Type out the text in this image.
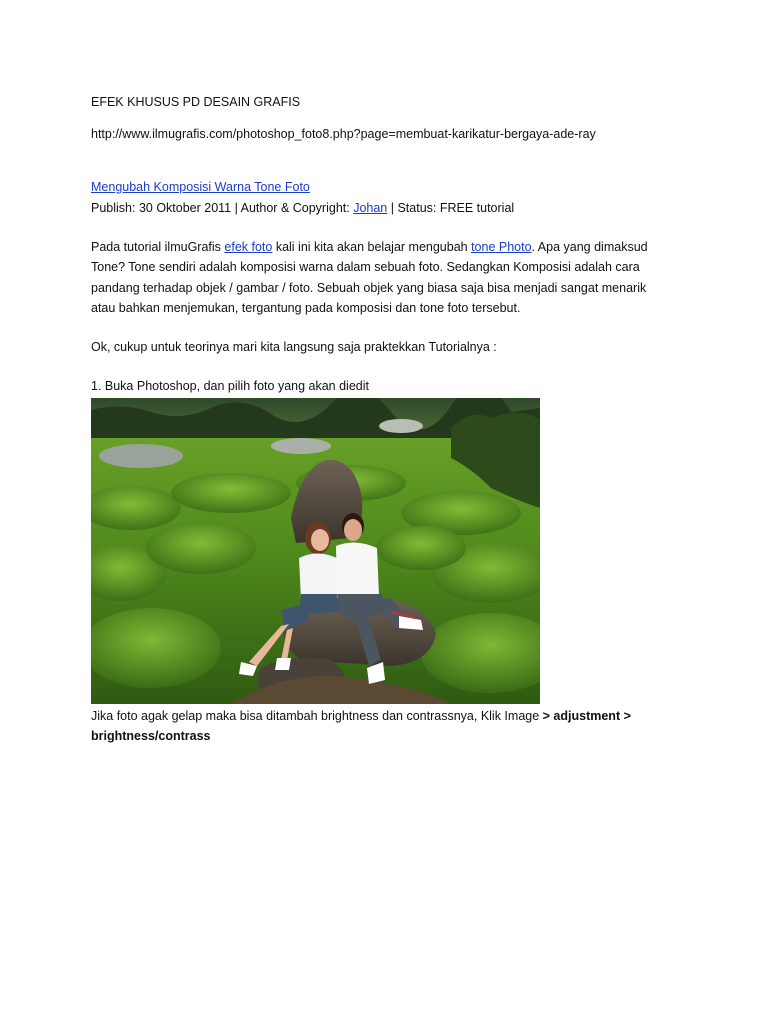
EFEK KHUSUS PD DESAIN GRAFIS
http://www.ilmugrafis.com/photoshop_foto8.php?page=membuat-karikatur-bergaya-ade-ray
Mengubah Komposisi Warna Tone Foto
Publish: 30 Oktober 2011 | Author & Copyright: Johan | Status: FREE tutorial
Pada tutorial ilmuGrafis efek foto kali ini kita akan belajar mengubah tone Photo. Apa yang dimaksud Tone? Tone sendiri adalah komposisi warna dalam sebuah foto. Sedangkan Komposisi adalah cara pandang terhadap objek / gambar / foto. Sebuah objek yang biasa saja bisa menjadi sangat menarik atau bahkan menjemukan, tergantung pada komposisi dan tone foto tersebut.
Ok, cukup untuk teorinya mari kita langsung saja praktekkan Tutorialnya :
1. Buka Photoshop, dan pilih foto yang akan diedit
Jika foto agak gelap maka bisa ditambah brightness dan contrassnya, Klik Image > adjustment > brightness/contrass
